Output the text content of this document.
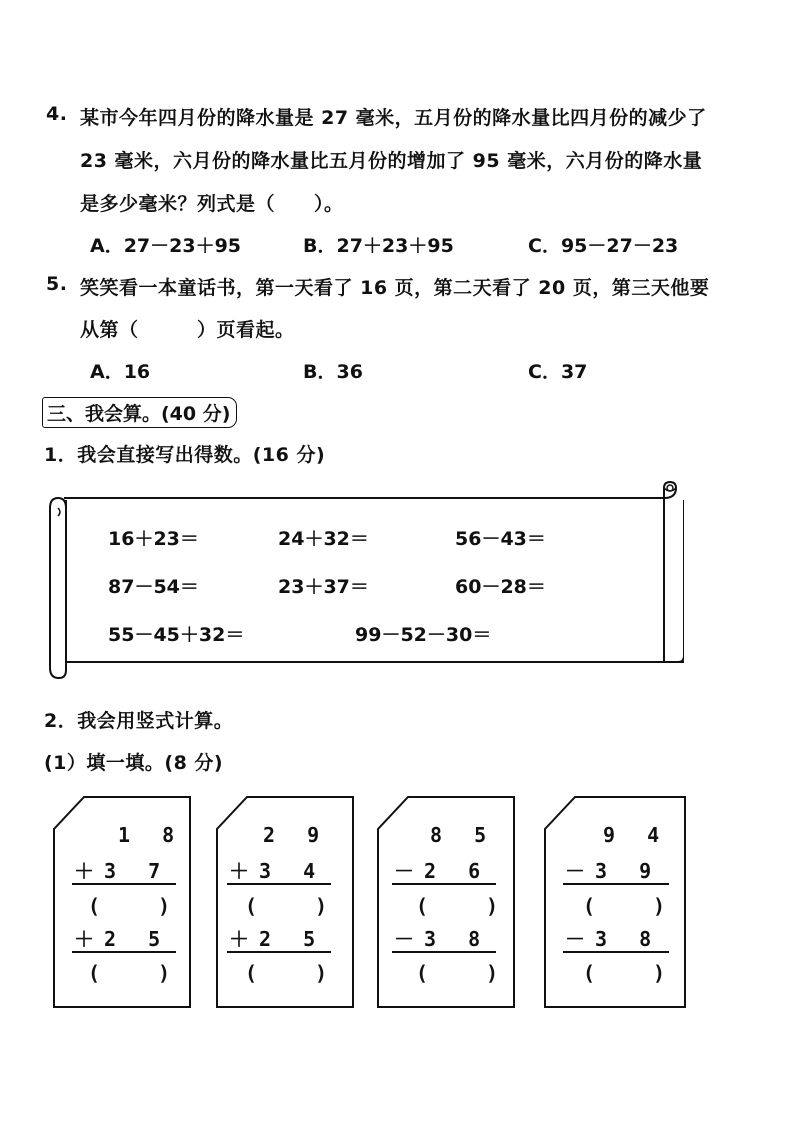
4. 某市今年四月份的降水量是 27 毫米，五月份的降水量比四月份的减少了
23 毫米，六月份的降水量比五月份的增加了 95 毫米，六月份的降水量
是多少毫米？列式是（　　）。
A．27－23＋95	B．27＋23＋95	C．95－27－23
5. 笑笑看一本童话书，第一天看了 16 页，第二天看了 20 页，第三天他要
从第（　　　）页看起。
A．16	B．36	C．37
三、我会算。(40 分)
1．我会直接写出得数。(16 分)
16＋23＝	24＋32＝	56－43＝
87－54＝	23＋37＝	60－28＝
55－45＋32＝	99－52－30＝
2．我会用竖式计算。
(1）填一填。(8 分)
1 8
＋3 7
(　　)
＋2 5
(　　)
2 9
＋3 4
(　　)
＋2 5
(　　)
8 5
－2 6
(　　)
－3 8
(　　)
9 4
－3 9
(　　)
－3 8
(　　)
